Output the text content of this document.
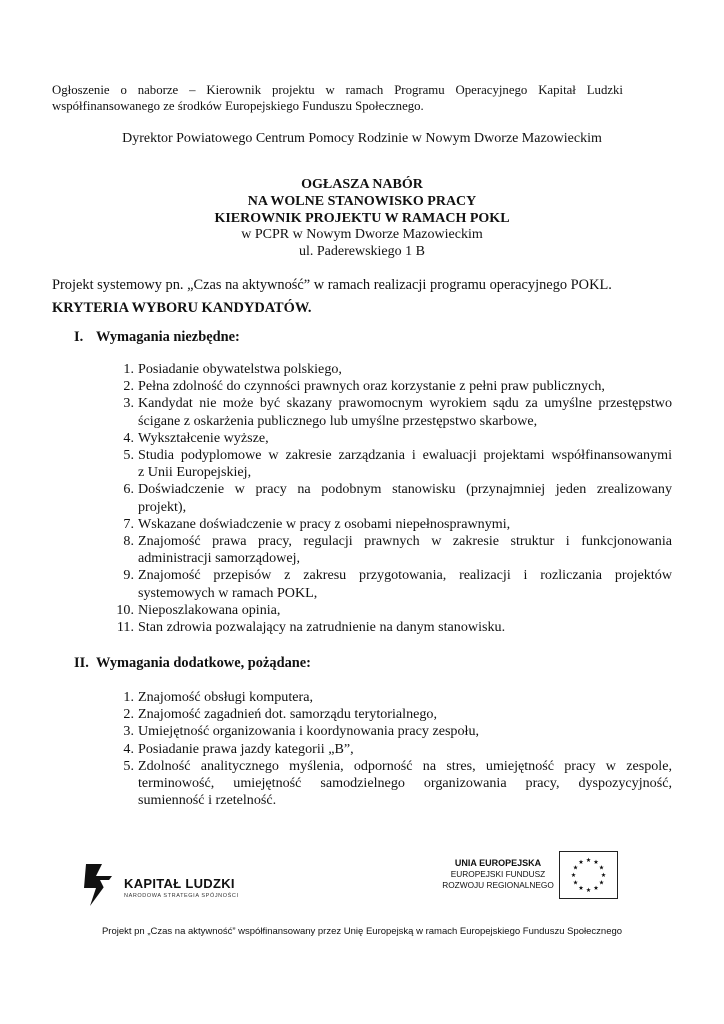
Ogłoszenie o naborze – Kierownik projektu w ramach Programu Operacyjnego Kapitał Ludzki
współfinansowanego ze środków Europejskiego Funduszu Społecznego.
Dyrektor Powiatowego Centrum Pomocy Rodzinie w Nowym Dworze Mazowieckim
OGŁASZA NABÓR
NA WOLNE STANOWISKO PRACY
KIEROWNIK PROJEKTU W RAMACH POKL
w PCPR w Nowym Dworze Mazowieckim
ul. Paderewskiego 1 B
Projekt systemowy pn. „Czas na aktywność” w ramach realizacji programu operacyjnego POKL.
KRYTERIA WYBORU KANDYDATÓW.
I. Wymagania niezbędne:
1. Posiadanie obywatelstwa polskiego,
2. Pełna zdolność do czynności prawnych oraz korzystanie z pełni praw publicznych,
3. Kandydat nie może być skazany prawomocnym wyrokiem sądu za umyślne przestępstwo
ścigane z oskarżenia publicznego lub umyślne przestępstwo skarbowe,
4. Wykształcenie wyższe,
5. Studia podyplomowe w zakresie zarządzania i ewaluacji projektami współfinansowanymi
z Unii Europejskiej,
6. Doświadczenie w pracy na podobnym stanowisku (przynajmniej jeden zrealizowany
projekt),
7. Wskazane doświadczenie w pracy z osobami niepełnosprawnymi,
8. Znajomość prawa pracy, regulacji prawnych w zakresie struktur i funkcjonowania
administracji samorządowej,
9. Znajomość przepisów z zakresu przygotowania, realizacji i rozliczania projektów
systemowych w ramach POKL,
10. Nieposzlakowana opinia,
11. Stan zdrowia pozwalający na zatrudnienie na danym stanowisku.
II. Wymagania dodatkowe, pożądane:
1. Znajomość obsługi komputera,
2. Znajomość zagadnień dot. samorządu terytorialnego,
3. Umiejętność organizowania i koordynowania pracy zespołu,
4. Posiadanie prawa jazdy kategorii „B”,
5. Zdolność analitycznego myślenia, odporność na stres, umiejętność pracy w zespole,
terminowość, umiejętność samodzielnego organizowania pracy, dyspozycyjność,
sumienność i rzetelność.
KAPITAŁ LUDZKI
NARODOWA STRATEGIA SPÓJNOŚCI
UNIA EUROPEJSKA
EUROPEJSKI FUNDUSZ
ROZWOJU REGIONALNEGO
Projekt pn „Czas na aktywność” współfinansowany przez Unię Europejską w ramach Europejskiego Funduszu Społecznego
